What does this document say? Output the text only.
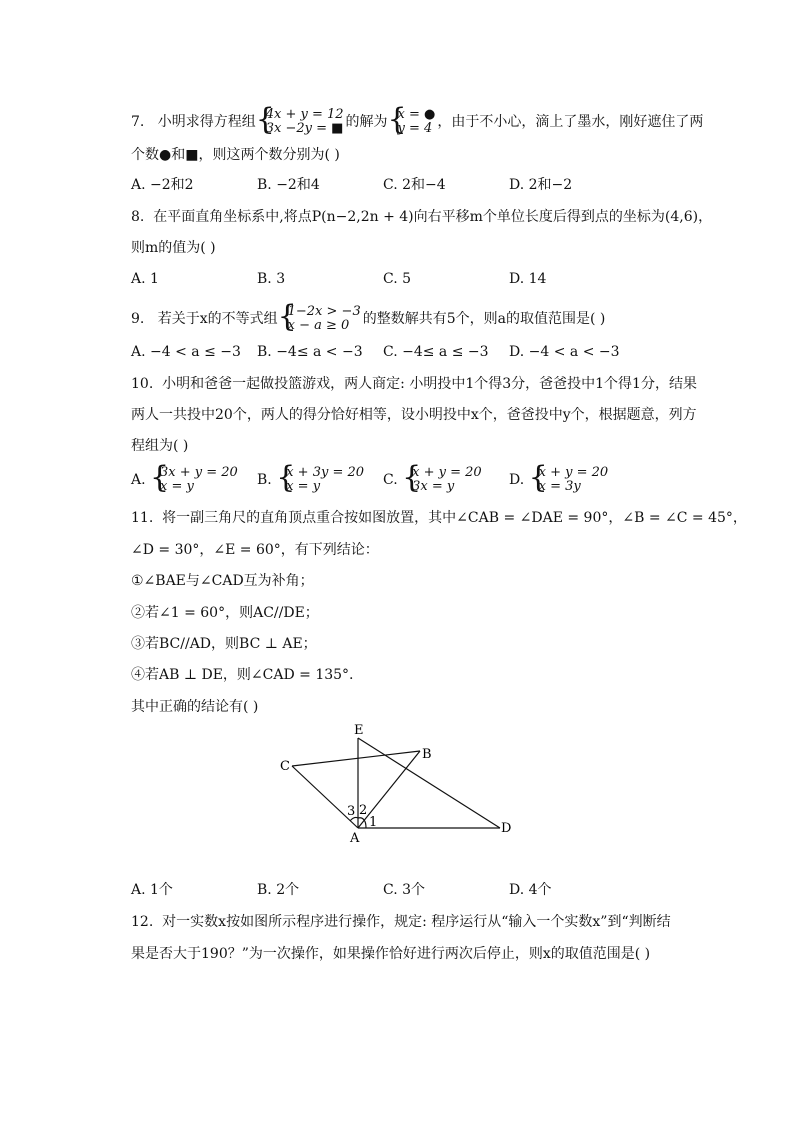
7. 小明求得方程组 { 4x + y = 12
3x −2y = ■ 的解为 { x = ●
y = 4 ，由于不小心，滴上了墨水，刚好遮住了两
个数●和■，则这两个数分别为( )
A. −2和2	B. −2和4	C. 2和−4	D. 2和−2
8. 在平面直角坐标系中,将点P(n−2,2n + 4)向右平移m个单位长度后得到点的坐标为(4,6)，
则m的值为( )
A. 1	B. 3	C. 5	D. 14
9. 若关于x的不等式组 { 1−2x > −3
x − a ≥ 0 的整数解共有5个，则a的取值范围是( )
A. −4 < a ≤ −3 B. −4≤ a < −3 C. −4≤ a ≤ −3 D. −4 < a < −3
10. 小明和爸爸一起做投篮游戏，两人商定: 小明投中1个得3分，爸爸投中1个得1分，结果
两人一共投中20个，两人的得分恰好相等，设小明投中x个，爸爸投中y个，根据题意，列方
程组为( )
A. { 3x + y = 20
x = y	B. { x + 3y = 20
x = y	C. { x + y = 20
3x = y	D. { x + y = 20
x = 3y
11. 将一副三角尺的直角顶点重合按如图放置，其中∠CAB = ∠DAE = 90°，∠B = ∠C = 45°，
∠D = 30°，∠E = 60°，有下列结论：
①∠BAE与∠CAD互为补角；
②若∠1 = 60°，则AC//DE；
③若BC//AD，则BC ⊥ AE；
④若AB ⊥ DE，则∠CAD = 135°.
其中正确的结论有( )
E
B
C
D
A
1
2
3
A. 1个	B. 2个	C. 3个	D. 4个
12. 对一实数x按如图所示程序进行操作，规定: 程序运行从“输入一个实数x”到“判断结
果是否大于190？”为一次操作，如果操作恰好进行两次后停止，则x的取值范围是( )
